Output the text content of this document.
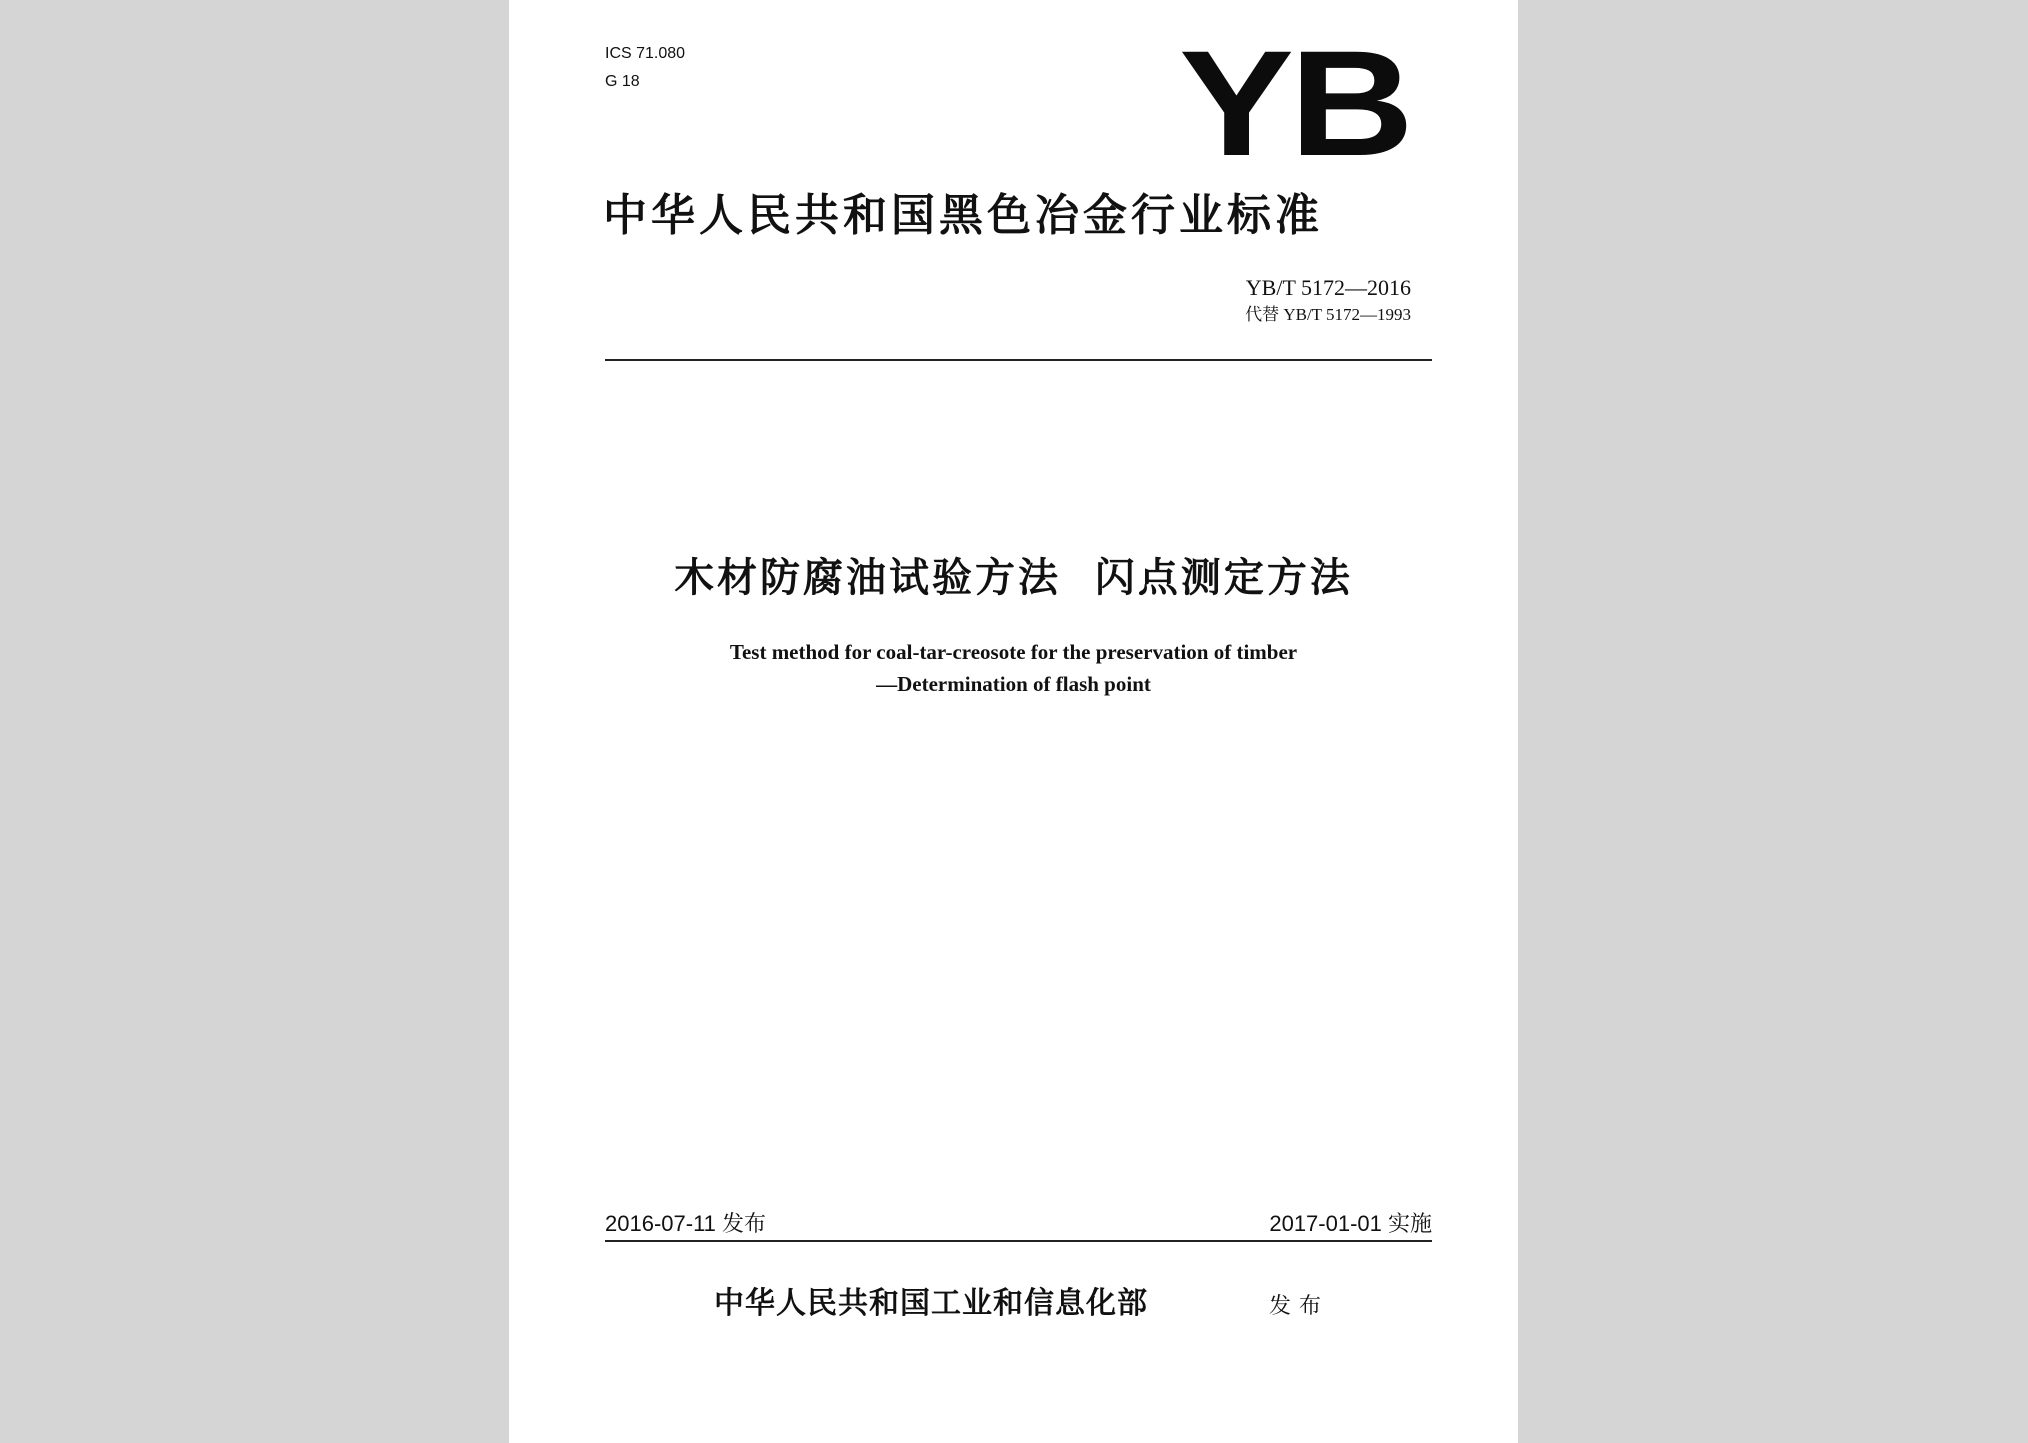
ICS 71.080

G 18	YB
中华人民共和国黑色冶金行业标准

YB/T 5172—2016

代替 YB/T 5172—1993

木材防腐油试验方法  闪点测定方法

Test method for coal-tar-creosote for the preservation of timber

—Determination of flash point

2016-07-11 发布	2017-01-01 实施

中华人民共和国工业和信息化部	发布
